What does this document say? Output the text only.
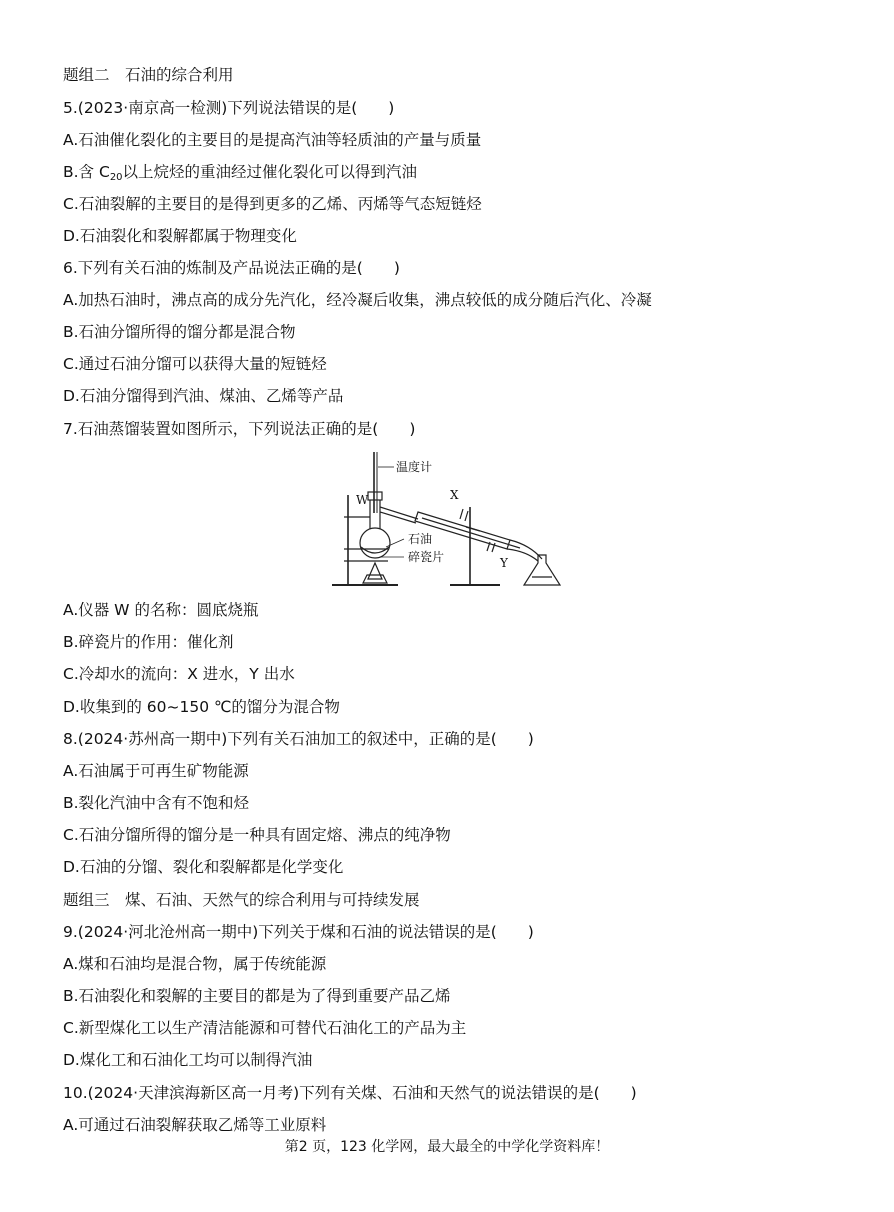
题组二　石油的综合利用
5.(2023·南京高一检测)下列说法错误的是(　　)
A.石油催化裂化的主要目的是提高汽油等轻质油的产量与质量
B.含 $C_{20}$以上烷烃的重油经过催化裂化可以得到汽油
C.石油裂解的主要目的是得到更多的乙烯、丙烯等气态短链烃
D.石油裂化和裂解都属于物理变化
6.下列有关石油的炼制及产品说法正确的是(　　)
A.加热石油时，沸点高的成分先汽化，经冷凝后收集，沸点较低的成分随后汽化、冷凝
B.石油分馏所得的馏分都是混合物
C.通过石油分馏可以获得大量的短链烃
D.石油分馏得到汽油、煤油、乙烯等产品
7.石油蒸馏装置如图所示，下列说法正确的是(　　)
温度计
W	X
Y
石油
碎瓷片
A.仪器 W 的名称：圆底烧瓶
B.碎瓷片的作用：催化剂
C.冷却水的流向：X 进水，Y 出水
D.收集到的 60~150 ℃的馏分为混合物
8.(2024·苏州高一期中)下列有关石油加工的叙述中，正确的是(　　)
A.石油属于可再生矿物能源
B.裂化汽油中含有不饱和烃
C.石油分馏所得的馏分是一种具有固定熔、沸点的纯净物
D.石油的分馏、裂化和裂解都是化学变化
题组三　煤、石油、天然气的综合利用与可持续发展
9.(2024·河北沧州高一期中)下列关于煤和石油的说法错误的是(　　)
A.煤和石油均是混合物，属于传统能源
B.石油裂化和裂解的主要目的都是为了得到重要产品乙烯
C.新型煤化工以生产清洁能源和可替代石油化工的产品为主
D.煤化工和石油化工均可以制得汽油
10.(2024·天津滨海新区高一月考)下列有关煤、石油和天然气的说法错误的是(　　)
A.可通过石油裂解获取乙烯等工业原料
第2 页，123 化学网，最大最全的中学化学资料库！
